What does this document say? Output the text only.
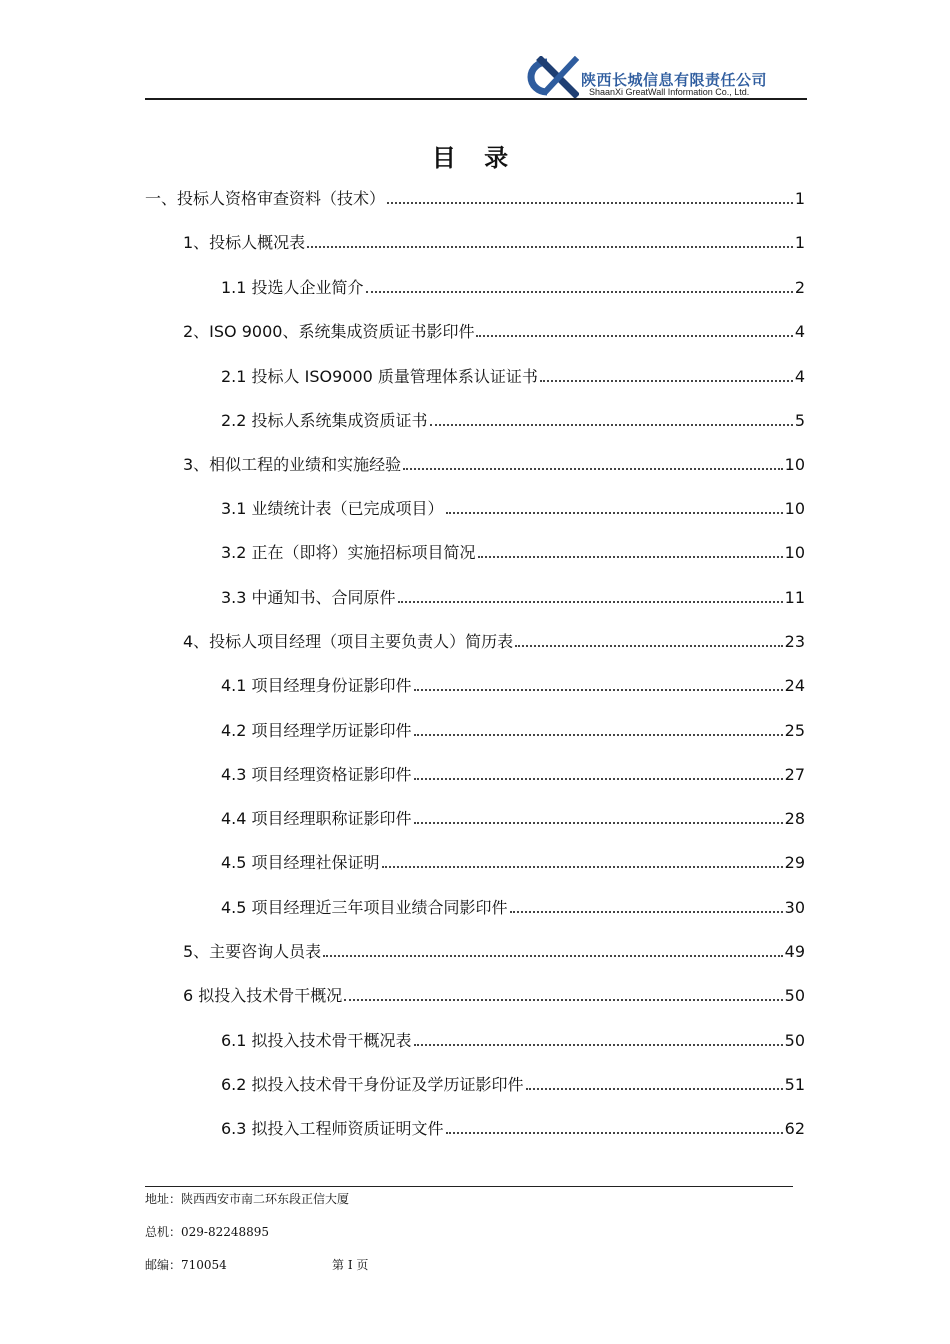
陕西长城信息有限责任公司
ShaanXi GreatWall Information Co., Ltd.
目 录
一、投标人资格审查资料（技术）	1
1、投标人概况表	1
1.1 投选人企业简介	2
2、ISO 9000、系统集成资质证书影印件	4
2.1 投标人 ISO9000 质量管理体系认证证书	4
2.2 投标人系统集成资质证书	5
3、相似工程的业绩和实施经验	10
3.1 业绩统计表（已完成项目）	10
3.2 正在（即将）实施招标项目简况	10
3.3 中通知书、合同原件	11
4、投标人项目经理（项目主要负责人）简历表	23
4.1 项目经理身份证影印件	24
4.2 项目经理学历证影印件	25
4.3 项目经理资格证影印件	27
4.4 项目经理职称证影印件	28
4.5 项目经理社保证明	29
4.5 项目经理近三年项目业绩合同影印件	30
5、主要咨询人员表	49
6 拟投入技术骨干概况	50
6.1 拟投入技术骨干概况表	50
6.2 拟投入技术骨干身份证及学历证影印件	51
6.3 拟投入工程师资质证明文件	62
地址：陕西西安市南二环东段正信大厦
总机：029-82248895
邮编：710054	第 I 页
